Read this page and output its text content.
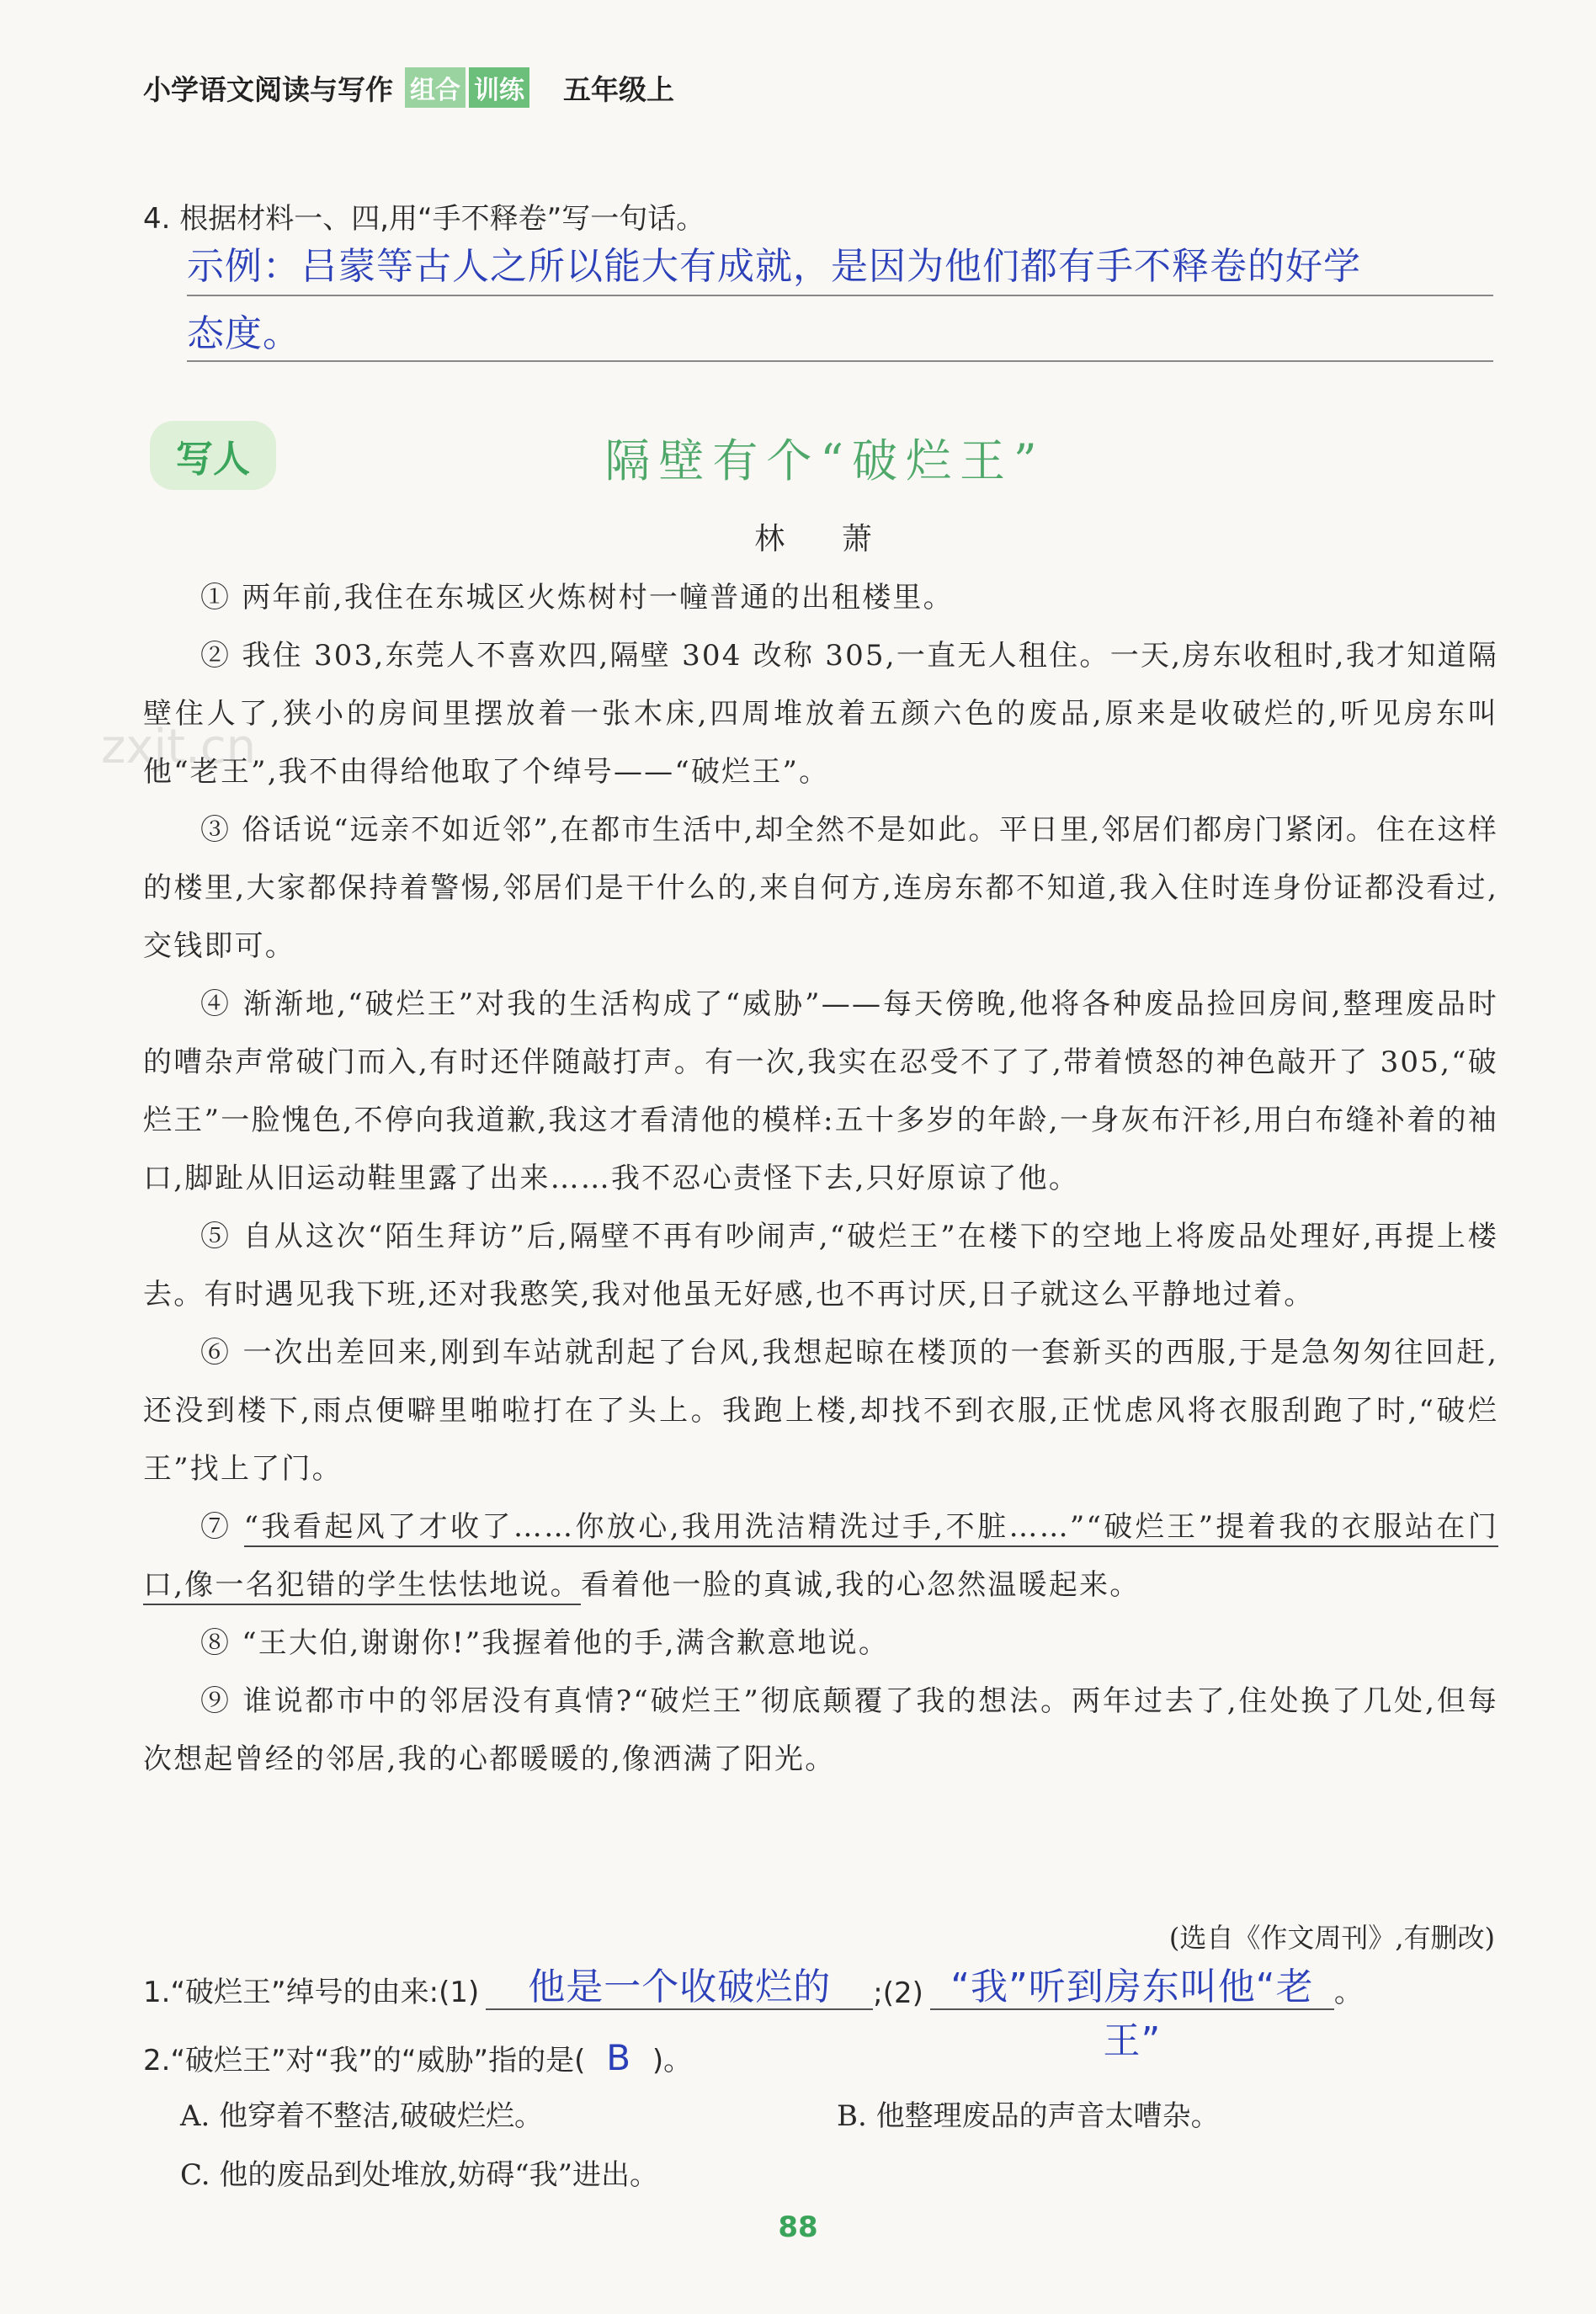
小学语文阅读与写作 组合 训练 五年级上
4. 根据材料一、四,用“手不释卷”写一句话。
示例：吕蒙等古人之所以能大有成就，是因为他们都有手不释卷的好学
态度。
zxjt.cn
写人	隔壁有个“破烂王”
林 萧

① 两年前,我住在东城区火炼树村一幢普通的出租楼里。

② 我住 303,东莞人不喜欢四,隔壁 304 改称 305,一直无人租住。一天,房东收租时,我才知道隔壁住人了,狭小的房间里摆放着一张木床,四周堆放着五颜六色的废品,原来是收破烂的,听见房东叫他“老王”,我不由得给他取了个绰号——“破烂王”。

③ 俗话说“远亲不如近邻”,在都市生活中,却全然不是如此。平日里,邻居们都房门紧闭。住在这样的楼里,大家都保持着警惕,邻居们是干什么的,来自何方,连房东都不知道,我入住时连身份证都没看过,交钱即可。

④ 渐渐地,“破烂王”对我的生活构成了“威胁”——每天傍晚,他将各种废品捡回房间,整理废品时的嘈杂声常破门而入,有时还伴随敲打声。有一次,我实在忍受不了了,带着愤怒的神色敲开了 305,“破烂王”一脸愧色,不停向我道歉,我这才看清他的模样:五十多岁的年龄,一身灰布汗衫,用白布缝补着的袖口,脚趾从旧运动鞋里露了出来……我不忍心责怪下去,只好原谅了他。

⑤ 自从这次“陌生拜访”后,隔壁不再有吵闹声,“破烂王”在楼下的空地上将废品处理好,再提上楼去。有时遇见我下班,还对我憨笑,我对他虽无好感,也不再讨厌,日子就这么平静地过着。

⑥ 一次出差回来,刚到车站就刮起了台风,我想起晾在楼顶的一套新买的西服,于是急匆匆往回赶,还没到楼下,雨点便噼里啪啦打在了头上。我跑上楼,却找不到衣服,正忧虑风将衣服刮跑了时,“破烂王”找上了门。

⑦ “我看起风了才收了……你放心,我用洗洁精洗过手,不脏……”“破烂王”提着我的衣服站在门口,像一名犯错的学生怯怯地说。看着他一脸的真诚,我的心忽然温暖起来。

⑧ “王大伯,谢谢你!”我握着他的手,满含歉意地说。

⑨ 谁说都市中的邻居没有真情?“破烂王”彻底颠覆了我的想法。两年过去了,住处换了几处,但每次想起曾经的邻居,我的心都暖暖的,像洒满了阳光。

(选自《作文周刊》,有删改)
1.“破烂王”绰号的由来:(1)	他是一个收破烂的	;(2) “我”听到房东叫他“老王”
。
2.“破烂王”对“我”的“威胁”指的是( B )。
A. 他穿着不整洁,破破烂烂。	B. 他整理废品的声音太嘈杂。
C. 他的废品到处堆放,妨碍“我”进出。
88
